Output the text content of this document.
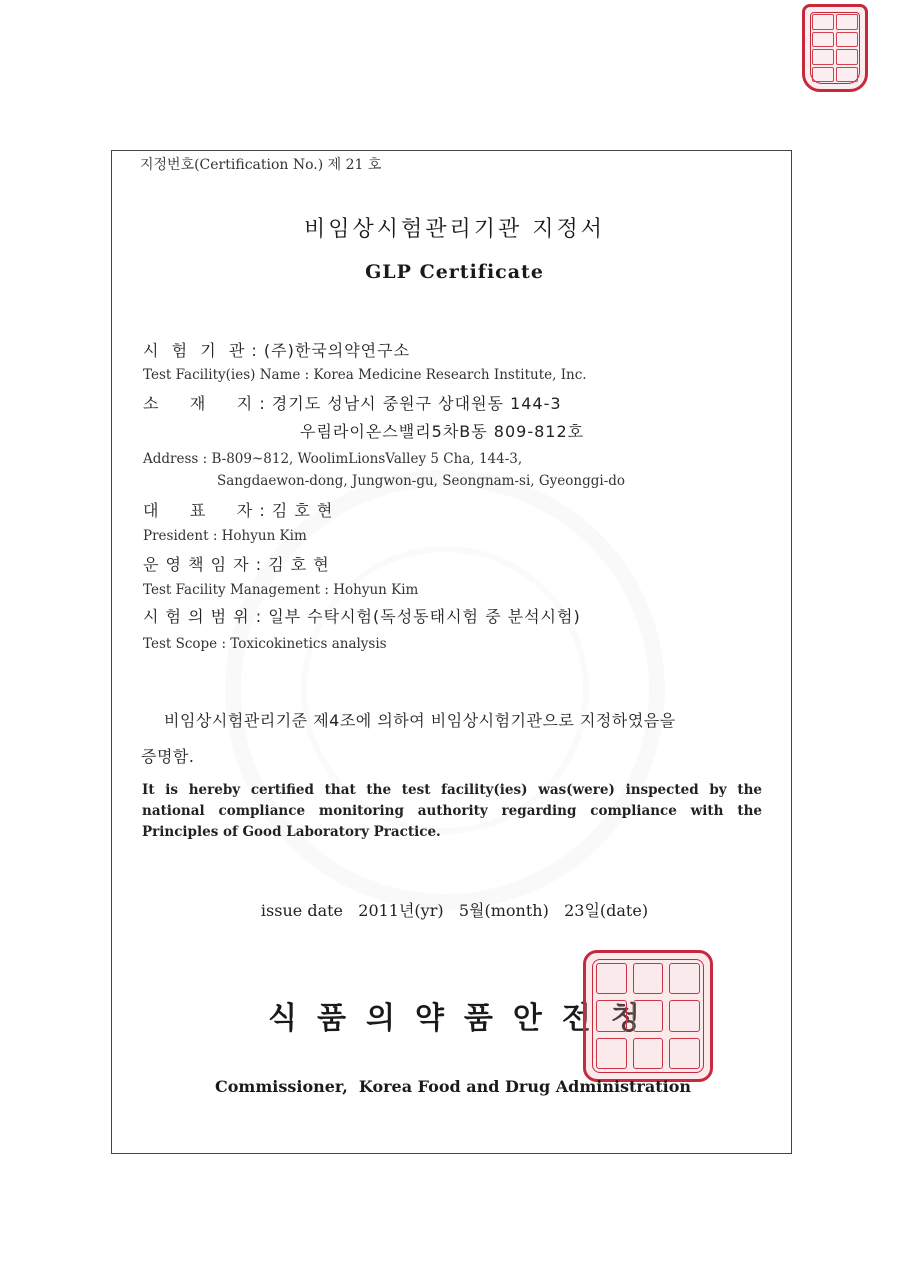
지정번호(Certification No.) 제 21 호
비임상시험관리기관 지정서
GLP Certificate
시  험  기  관 : (주)한국의약연구소
Test Facility(ies) Name : Korea Medicine Research Institute, Inc.
소     재     지 : 경기도 성남시 중원구 상대원동 144-3
우림라이온스밸리5차B동 809-812호
Address : B-809~812, WoolimLionsValley 5 Cha, 144-3,
Sangdaewon-dong, Jungwon-gu, Seongnam-si, Gyeonggi-do
대     표     자 : 김 호 현
President : Hohyun Kim
운 영 책 임 자 : 김 호 현
Test Facility Management : Hohyun Kim
시 험 의 범 위 : 일부 수탁시험(독성동태시험 중 분석시험)
Test Scope : Toxicokinetics analysis
비임상시험관리기준 제4조에 의하여 비임상시험기관으로 지정하였음을
증명함.

It is hereby certified that the test facility(ies) was(were) inspected by the national compliance monitoring authority regarding compliance with the Principles of Good Laboratory Practice.

issue date   2011년(yr)   5월(month)   23일(date)
식품의약품안전청
Commissioner,  Korea Food and Drug Administration
